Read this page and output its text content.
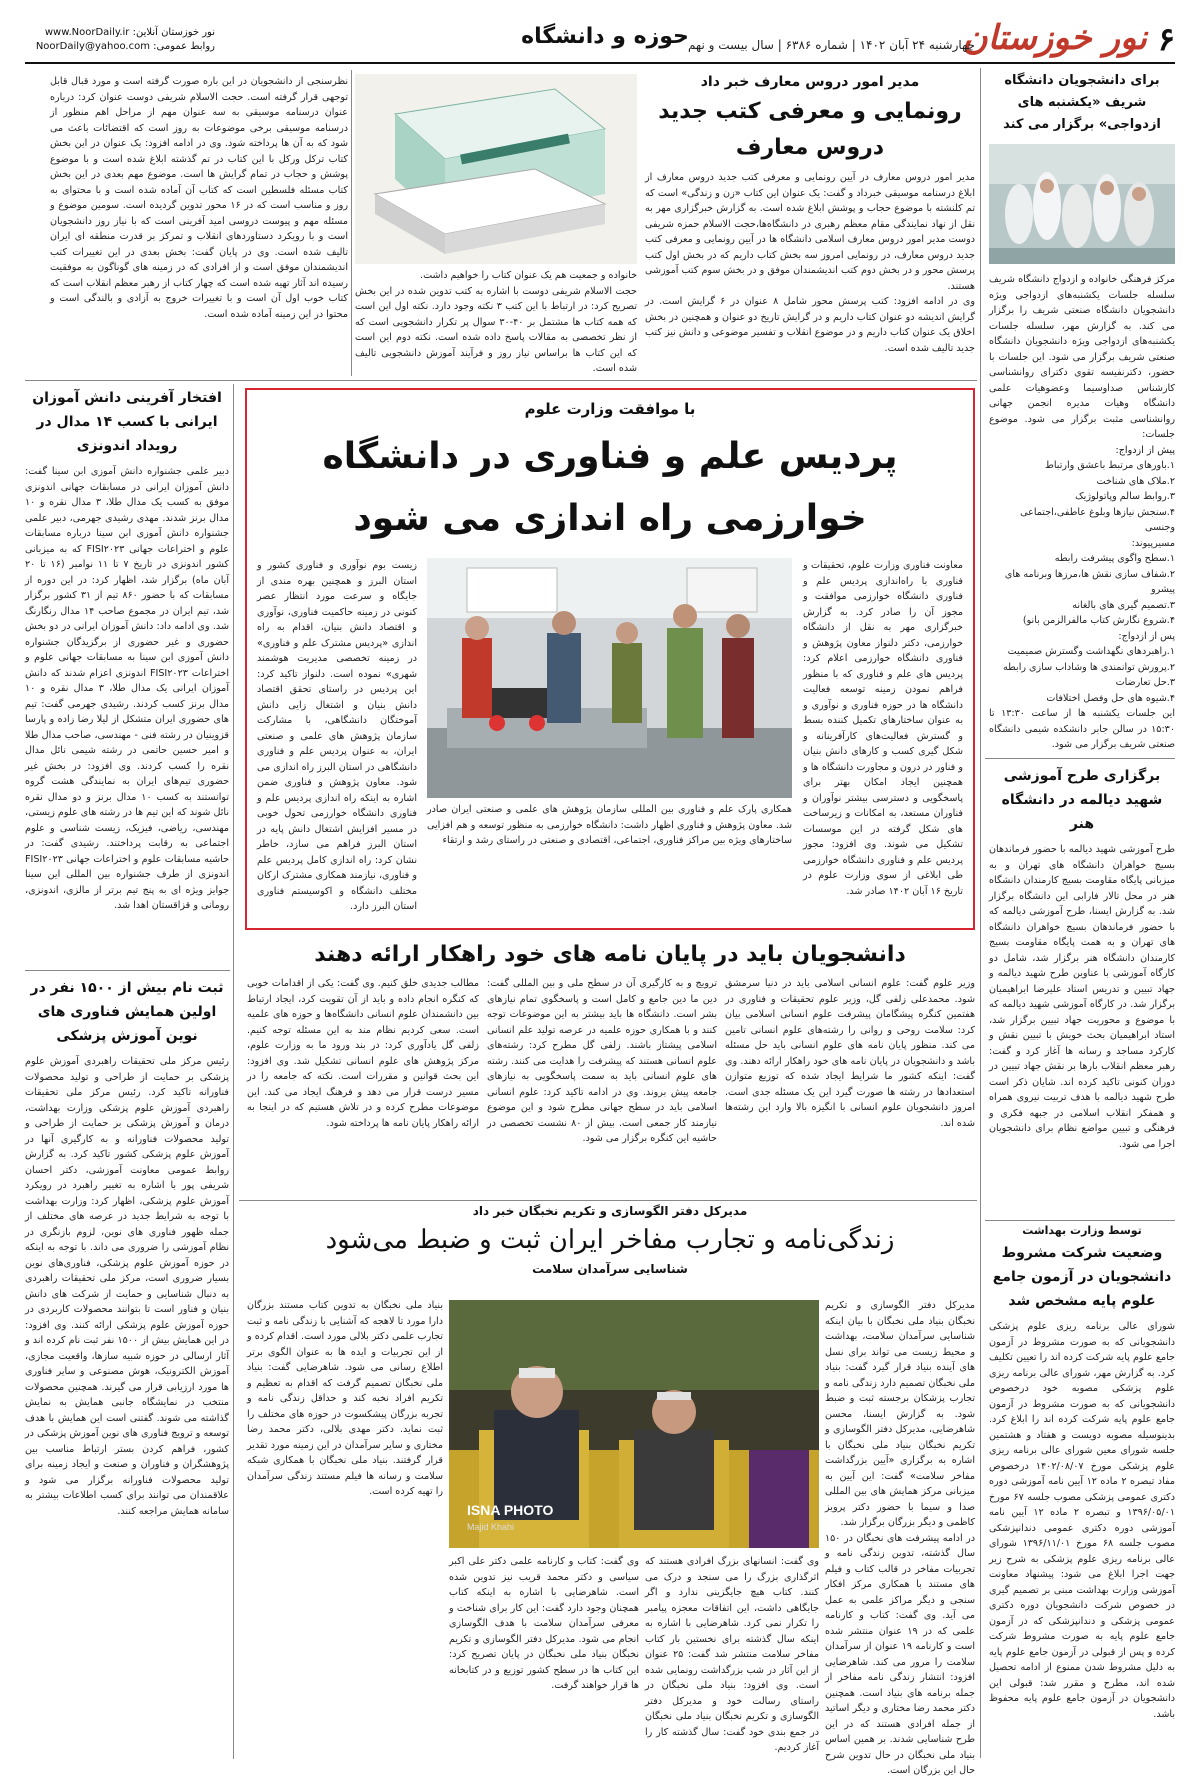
۶
نور خوزستان
چهارشنبه ۲۴ آبان ۱۴۰۲ | شماره ۶۳۸۶ | سال بیست و نهم
حوزه و دانشگاه
نور خوزستان آنلاین: www.NoorDaily.ir
روابط عمومی: NoorDaily@yahoo.com
برای دانشجویان دانشگاه شریف «یکشنبه های ازدواجی» برگزار می کند

مرکز فرهنگی خانواده و ازدواج دانشگاه شریف سلسله جلسات یکشنبه‌های ازدواجی ویژه دانشجویان دانشگاه صنعتی شریف را برگزار می کند. به گزارش مهر، سلسله جلسات یکشنبه‌های ازدواجی ویژه دانشجویان دانشگاه صنعتی شریف برگزار می شود. این جلسات با حضور، دکترنفیسه تقوی دکترای روانشناسی کارشناس صداوسیما وعضوهیات علمی دانشگاه وهیات مدیره انجمن جهانی روانشناسی مثبت برگزار می شود. موضوع جلسات:

پیش از ازدواج:
۱.باورهای مرتبط باعشق وارتباط
۲.ملاک های شناخت
۳.روابط سالم وپاتولوژیک
۴.سنجش نیازها وبلوغ عاطفی،اجتماعی وجنسی
مسیرپیوند:
۱.سطح واگوی پیشرفت رابطه
۲.شفاف سازی نقش ها،مرزها وبرنامه های پیشرو
۳.تصمیم گیری های بالغانه
۴.شروع نگارش کتاب مالفرالزمن بانو)
پس از ازدواج:
۱.راهبردهای نگهداشت وگسترش صمیمیت
۲.پرورش توانمندی ها وشاداب سازی رابطه
۳.حل تعارضات
۴.شیوه های حل وفصل اختلافات

این جلسات یکشنبه ها از ساعت ۱۳:۳۰ تا ۱۵:۳۰ در سالن جابر دانشکده شیمی دانشگاه صنعتی شریف برگزار می شود.

برگزاری طرح آموزشی شهید دیالمه در دانشگاه هنر

طرح آموزشی شهید دیالمه با حضور فرماندهان بسیج خواهران دانشگاه های تهران و به میزبانی پایگاه مقاومت بسیج کارمندان دانشگاه هنر در محل تالار فارابی این دانشگاه برگزار شد. به گزارش ایسنا، طرح آموزشی دیالمه که با حضور فرماندهان بسیج خواهران دانشگاه های تهران و به همت پایگاه مقاومت بسیج کارمندان دانشگاه هنر برگزار شد، شامل دو کارگاه آموزشی با عناوین طرح شهید دیالمه و جهاد تبیین و تدریس استاد علیرضا ابراهیمیان برگزار شد. در کارگاه آموزشی شهید دیالمه که با موضوع و محوریت جهاد تبیین برگزار شد، استاد ابراهیمیان بحث خویش با تبیین نقش و کارکرد مساجد و رسانه ها آغاز کرد و گفت: رهبر معظم انقلاب بارها بر نقش جهاد تبیین در دوران کنونی تاکید کرده اند. شایان ذکر است طرح شهید دیالمه با هدف تربیت نیروی همراه و همفکر انقلاب اسلامی در جبهه فکری و فرهنگی و تبیین مواضع نظام برای دانشجویان اجرا می شود.

توسط وزارت بهداشت
وضعیت شرکت مشروط دانشجویان در آزمون جامع علوم پایه مشخص شد

شورای عالی برنامه ریزی علوم پزشکی دانشجویانی که به صورت مشروط در آزمون جامع علوم پایه شرکت کرده اند را تعیین تکلیف کرد. به گزارش مهر، شورای عالی برنامه ریزی علوم پزشکی مصوبه خود درخصوص دانشجویانی که به صورت مشروط در آزمون جامع علوم پایه شرکت کرده اند را ابلاغ کرد. بدینوسیله مصوبه دویست و هفتاد و هشتمین جلسه شورای معین شورای عالی برنامه ریزی علوم پزشکی مورخ ۱۴۰۲/۰۸/۰۷ درخصوص مفاد تبصره ۲ ماده ۱۲ آیین نامه آموزشی دوره دکتری عمومی پزشکی مصوب جلسه ۶۷ مورخ ۱۳۹۶/۰۵/۰۱ و تبصره ۲ ماده ۱۲ آیین نامه آموزشی دوره دکتری عمومی دندانپزشکی مصوب جلسه ۶۸ مورخ ۱۳۹۶/۱۱/۰۱ شورای عالی برنامه ریزی علوم پزشکی به شرح زیر جهت اجرا ابلاغ می شود: پیشنهاد معاونت آموزشی وزارت بهداشت مبنی بر تصمیم گیری در خصوص شرکت دانشجویان دوره دکتری عمومی پزشکی و دندانپزشکی که در آزمون جامع علوم پایه به صورت مشروط شرکت کرده و پس از قبولی در آزمون جامع علوم پایه به دلیل مشروط شدن ممنوع از ادامه تحصیل شده اند، مطرح و مقرر شد: قبولی این دانشجویان در آزمون جامع علوم پایه محفوظ باشد.

مدیر امور دروس معارف خبر داد
رونمایی و معرفی کتب جدید دروس معارف

مدیر امور دروس معارف در آیین رونمایی و معرفی کتب جدید دروس معارف از ابلاغ درسنامه موسیقی خبرداد و گفت: یک عنوان این کتاب «زن و زندگی» است که تم کلنشته با موضوع حجاب و پوشش ابلاغ شده است. به گزارش خبرگزاری مهر به نقل از نهاد نمایندگی مقام معظم رهبری در دانشگاه‌ها،حجت الاسلام حمزه شریفی دوست مدیر امور دروس معارف اسلامی دانشگاه ها در آیین رونمایی و معرفی کتب جدید دروس معارف، در رونمایی امروز سه بخش کتاب داریم که در بخش اول کتب پرسش محور و در بخش دوم کتب اندیشمندان موفق و در بخش سوم کتب آموزشی هستند.

وی در ادامه افزود: کتب پرسش محور شامل ۸ عنوان در ۶ گرایش است. در گرایش اندیشه دو عنوان کتاب داریم و در گرایش تاریخ دو عنوان و همچنین در بخش اخلاق یک عنوان کتاب داریم و در موضوع انقلاب و تفسیر موضوعی و دانش نیز کتب جدید تالیف شده است.

خانواده و جمعیت هم یک عنوان کتاب را خواهیم داشت.

حجت الاسلام شریفی دوست با اشاره به کتب تدوین شده در این بخش تصریح کرد: در ارتباط با این کتب ۳ نکته وجود دارد. نکته اول این است که همه کتاب ها مشتمل بر ۴۰-۳۰ سوال پر تکرار دانشجویی است که از نظر تخصصی به مقالات پاسخ داده شده است. نکته دوم این است که این کتاب ها براساس نیاز روز و فرآیند آموزش دانشجویی تالیف شده است.

نظرسنجی از دانشجویان در این باره صورت گرفته است و مورد قبال قابل توجهی قرار گرفته است. حجت الاسلام شریفی دوست عنوان کرد: درباره عنوان درسنامه موسیقی به سه عنوان مهم از مراحل اهم منظور از درسنامه موسیقی برخی موضوعات به روز است که اقتضائات باعث می شود که به آن ها پرداخته شود. وی در ادامه افزود: یک عنوان در این بخش کتاب ترکل ورکل با این کتاب در تم گذشته ابلاغ شده است و با موضوع پوشش و حجاب در تمام گرایش ها است. موضوع مهم بعدی در این بخش کتاب مسئله فلسطین است که کتاب آن آماده شده است و با محتوای به روز و مناسب است که در ۱۶ محور تدوین گردیده است. سومین موضوع و مسئله مهم و پیوست دروسی امید آفرینی است که با نیاز روز دانشجویان است و با رویکرد دستاوردهای انقلاب و تمرکز بر قدرت منطقه ای ایران تالیف شده است. وی در پایان گفت: بخش بعدی در این تغییرات کتب اندیشمندان موفق است و از افرادی که در زمینه های گوناگون به موفقیت رسیده اند آثار تهیه شده است که چهار کتاب از رهبر معظم انقلاب است که کتاب خوب اول آن است و با تغییرات خروج به آزادی و بالندگی است و محتوا در این زمینه آماده شده است.

افتخار آفرینی دانش آموزان ایرانی با کسب ۱۴ مدال در رویداد اندونزی

دبیر علمی جشنواره دانش آموزی ابن سینا گفت: دانش آموزان ایرانی در مسابقات جهانی اندونزی موفق به کسب یک مدال طلا، ۳ مدال نقره و ۱۰ مدال برنز شدند. مهدی رشیدی جهرمی، دبیر علمی جشنواره دانش آموزی ابن سینا درباره مسابقات علوم و اختراعات جهانی FISI۲۰۲۳ که به میزبانی کشور اندونزی در تاریخ ۷ تا ۱۱ نوامبر (۱۶ تا ۲۰ آبان ماه) برگزار شد، اظهار کرد: در این دوره از مسابقات که با حضور ۸۶۰ تیم از ۳۱ کشور برگزار شد، تیم ایران در مجموع صاحب ۱۴ مدال رنگارنگ شد. وی ادامه داد: دانش آموزان ایرانی در دو بخش حضوری و غیر حضوری از برگزیدگان جشنواره دانش آموزی ابن سینا به مسابقات جهانی علوم و اختراعات FISI۲۰۲۳ اندونزی اعزام شدند که دانش آموزان ایرانی یک مدال طلا، ۳ مدال نقره و ۱۰ مدال برنز کسب کردند. رشیدی جهرمی گفت: تیم های حضوری ایران متشکل از لیلا رضا زاده و پارسا قزوینیان در رشته فنی - مهندسی، صاحب مدال طلا و امیر حسین حاتمی در رشته شیمی نائل مدال نقره را کسب کردند. وی افزود: در بخش غیر حضوری تیم‌های ایران به نمایندگی هشت گروه توانستند به کسب ۱۰ مدال برنز و دو مدال نقره نائل شوند که این تیم ها در رشته های علوم زیستی، مهندسی، ریاضی، فیزیک، زیست شناسی و علوم اجتماعی به رقابت پرداختند. رشیدی گفت: در حاشیه مسابقات علوم و اختراعات جهانی FISI۲۰۲۳ اندونزی از طرف جشنواره بین المللی این سینا جوایز ویژه ای به پنج تیم برتر از مالزی، اندونزی، رومانی و قزاقستان اهدا شد.

ثبت نام بیش از ۱۵۰۰ نفر در اولین همایش فناوری های نوین آموزش پزشکی

رئیس مرکز ملی تحقیقات راهبردی آموزش علوم پزشکی بر حمایت از طراحی و تولید محصولات فناورانه تاکید کرد. رئیس مرکز ملی تحقیقات راهبردی آموزش علوم پزشکی وزارت بهداشت، درمان و آموزش پزشکی بر حمایت از طراحی و تولید محصولات فناورانه و به کارگیری آنها در آموزش علوم پزشکی کشور تاکید کرد. به گزارش روابط عمومی معاونت آموزشی، دکتر احسان شریفی پور با اشاره به تغییر راهبرد در رویکرد آموزش علوم پزشکی، اظهار کرد: وزارت بهداشت با توجه به شرایط جدید در عرصه های مختلف از جمله ظهور فناوری های نوین، لزوم بازنگری در نظام آموزشی را ضروری می داند. با توجه به اینکه در حوزه آموزش علوم پزشکی، فناوری‌های نوین بسیار ضروری است، مرکز ملی تحقیقات راهبردی به دنبال شناسایی و حمایت از شرکت های دانش بنیان و فناور است تا بتوانند محصولات کاربردی در حوزه آموزش علوم پزشکی ارائه کنند. وی افزود: در این همایش بیش از ۱۵۰۰ نفر ثبت نام کرده اند و آثار ارسالی در حوزه شبیه سازها، واقعیت مجازی، آموزش الکترونیک، هوش مصنوعی و سایر فناوری ها مورد ارزیابی قرار می گیرند. همچنین محصولات منتخب در نمایشگاه جانبی همایش به نمایش گذاشته می شوند. گفتنی است این همایش با هدف توسعه و ترویج فناوری های نوین آموزش پزشکی در کشور، فراهم کردن بستر ارتباط مناسب بین پژوهشگران و فناوران و صنعت و ایجاد زمینه برای تولید محصولات فناورانه برگزار می شود و علاقمندان می توانند برای کسب اطلاعات بیشتر به سامانه همایش مراجعه کنند.

با موافقت وزارت علوم
پردیس علم و فناوری در دانشگاه خوارزمی راه اندازی می شود

معاونت فناوری وزارت علوم، تحقیقات و فناوری با راه‌اندازی پردیس علم و فناوری دانشگاه خوارزمی موافقت و مجوز آن را صادر کرد. به گزارش خبرگزاری مهر به نقل از دانشگاه خوارزمی، دکتر دلنواز معاون پژوهش و فناوری دانشگاه خوارزمی اعلام کرد: پردیس های علم و فناوری که با منظور فراهم نمودن زمینه توسعه فعالیت دانشگاه ها در حوزه فناوری و نوآوری و به عنوان ساختارهای تکمیل کننده بسط و گسترش فعالیت‌های کارآفرینانه و شکل گیری کسب و کارهای دانش بنیان و فناور در درون و مجاورت دانشگاه ها و همچنین ایجاد امکان بهتر برای پاسخگویی و دسترسی بیشتر نوآوران و فناوران مستعد، به امکانات و زیرساخت های شکل گرفته در این موسسات تشکیل می شوند. وی افزود: مجوز پردیس علم و فناوری دانشگاه خوارزمی طی ابلاغی از سوی وزارت علوم در تاریخ ۱۶ آبان ۱۴۰۲ صادر شد.

همکاری پارک علم و فناوری بین المللی سازمان پژوهش های علمی و صنعتی ایران صادر شد. معاون پژوهش و فناوری اظهار داشت: دانشگاه خوارزمی به منظور توسعه و هم افزایی ساختارهای ویژه بین مراکز فناوری، اجتماعی، اقتصادی و صنعتی در راستای رشد و ارتقاء

زیست بوم نوآوری و فناوری کشور و استان البرز و همچنین بهره مندی از جایگاه و سرعت مورد انتظار عصر کنونی در زمینه حاکمیت فناوری، نوآوری و اقتصاد دانش بنیان، اقدام به راه اندازی «پردیس مشترک علم و فناوری» در زمینه تخصصی مدیریت هوشمند شهری» نموده است. دلنواز تاکید کرد: این پردیس در راستای تحقق اقتصاد دانش بنیان و اشتغال زایی دانش آموختگان دانشگاهی، با مشارکت سازمان پژوهش های علمی و صنعتی ایران، به عنوان پردیس علم و فناوری دانشگاهی در استان البرز راه اندازی می شود. معاون پژوهش و فناوری ضمن اشاره به اینکه راه اندازی پردیس علم و فناوری دانشگاه خوارزمی تحول خوبی در مسیر افزایش اشتغال دانش پایه در استان البرز فراهم می سازد، خاطر نشان کرد: راه اندازی کامل پردیس علم و فناوری، نیازمند همکاری مشترک ارکان مختلف دانشگاه و اکوسیستم فناوری استان البرز دارد.

دانشجویان باید در پایان نامه های خود راهکار ارائه دهند

وزیر علوم گفت: علوم انسانی اسلامی باید در دنیا سرمشق شود. محمدعلی زلفی گل، وزیر علوم تحقیقات و فناوری در هفتمین کنگره پیشگامان پیشرفت علوم انسانی اسلامی بیان کرد: سلامت روحی و روانی را رشته‌های علوم انسانی تامین می کند. منظور پایان نامه های علوم انسانی باید حل مسئله باشد و دانشجویان در پایان نامه های خود راهکار ارائه دهند. وی گفت: اینکه کشور ما شرایط ایجاد شده که توزیع متوازن استعدادها در رشته ها صورت گیرد این یک مسئله جدی است. امروز دانشجویان علوم انسانی با انگیزه بالا وارد این رشته‌ها شده اند.

ترویج و به کارگیری آن در سطح ملی و بین المللی گفت: دین ما دین جامع و کامل است و پاسخگوی تمام نیازهای بشر است. دانشگاه ها باید بیشتر به این موضوعات توجه کنند و با همکاری حوزه علمیه در عرصه تولید علم انسانی اسلامی پیشتاز باشند. زلفی گل مطرح کرد: رشته‌های علوم انسانی هستند که پیشرفت را هدایت می کنند. رشته های علوم انسانی باید به سمت پاسخگویی به نیازهای جامعه پیش بروند. وی در ادامه تاکید کرد: علوم انسانی اسلامی باید در سطح جهانی مطرح شود و این موضوع نیازمند کار جمعی است. بیش از ۸۰ نشست تخصصی در حاشیه این کنگره برگزار می شود.

مطالب جدیدی خلق کنیم. وی گفت: یکی از اقدامات خوبی که کنگره انجام داده و باید از آن تقویت کرد، ایجاد ارتباط بین دانشمندان علوم انسانی دانشگاه‌ها و حوزه های علمیه است. سعی کردیم نظام مند به این مسئله توجه کنیم. زلفی گل یادآوری کرد: در بند ورود ما به وزارت علوم، مرکز پژوهش های علوم انسانی تشکیل شد. وی افزود: این بحث قوانین و مقررات است. نکته که جامعه را در مسیر درست قرار می دهد و فرهنگ ایجاد می کند. این موضوعات مطرح کرده و در تلاش هستیم که در اینجا به ارائه راهکار پایان نامه ها پرداخته شود.

مدیرکل دفتر الگوسازی و تکریم نخبگان خبر داد
زندگی‌نامه و تجارب مفاخر ایران ثبت و ضبط می‌شود
شناسایی سرآمدان سلامت

مدیرکل دفتر الگوسازی و تکریم نخبگان بنیاد ملی نخبگان با بیان اینکه شناسایی سرآمدان سلامت، بهداشت و محیط زیست می تواند برای نسل های آینده بنیاد قرار گیرد گفت: بنیاد ملی نخبگان تصمیم دارد زندگی نامه و تجارب پزشکان برجسته ثبت و ضبط شود. به گزارش ایسنا، محسن شاهرضایی، مدیرکل دفتر الگوسازی و تکریم نخبگان بنیاد ملی نخبگان با اشاره به برگزاری «آیین بزرگداشت مفاخر سلامت» گفت: این آیین به میزبانی مرکز همایش های بین المللی صدا و سیما با حضور دکتر پرویز کاظمی و دیگر بزرگان برگزار شد.

در ادامه پیشرفت های نخبگان در ۱۵۰ سال گذشته، تدوین زندگی نامه و تجربیات مفاخر در قالب کتاب و فیلم های مستند با همکاری مرکز افکار سنجی و دیگر مراکز علمی به عمل می آید. وی گفت: کتاب و کارنامه علمی که در ۱۹ عنوان منتشر شده است و کارنامه ۱۹ عنوان از سرآمدان سلامت را مرور می کند. شاهرضایی افزود: انتشار زندگی نامه مفاخر از جمله برنامه های بنیاد است. همچنین دکتر محمد رضا مختاری و دیگر اساتید از جمله افرادی هستند که در این طرح شناسایی شدند. بر همین اساس بنیاد ملی نخبگان در حال تدوین شرح حال این بزرگان است.

ISNA PHOTO
Majid Khahi

بنیاد ملی نخبگان به تدوین کتاب مستند بزرگان دارا مورد تا لاهجه که آشنایی با زندگی نامه و ثبت تجارب علمی دکتر بلالی مورد است. اقدام کرده و از این تجربیات و ایده ها به عنوان الگوی برتر اطلاع رسانی می شود. شاهرضایی گفت: بنیاد ملی نخبگان تصمیم گرفت که اقدام به تعظیم و تکریم افراد نخبه کند و حداقل زندگی نامه و تجربه بزرگان پیشکسوت در حوزه های مختلف را ثبت نماید. دکتر مهدی بلالی، دکتر محمد رضا مختاری و سایر سرآمدان در این زمینه مورد تقدیر قرار گرفتند. بنیاد ملی نخبگان با همکاری شبکه سلامت و رسانه ها فیلم مستند زندگی سرآمدان را تهیه کرده است.

وی گفت: انسانهای بزرگ افرادی هستند که اثرگذاری بزرگ را می سنجد و درک می کنند. کتاب هیچ جایگزینی ندارد و اگر جایگاهی داشت، این اتفاقات معجزه پیامبر را تکرار نمی کرد. شاهرضایی با اشاره به اینکه سال گذشته برای نخستین بار کتاب مفاخر سلامت منتشر شد گفت: ۲۵ عنوان از این آثار در شب بزرگداشت رونمایی شده است. وی افزود: بنیاد ملی نخبگان در راستای رسالت خود و مدیرکل دفتر الگوسازی و تکریم نخبگان بنیاد ملی نخبگان در جمع بندی خود گفت: سال گذشته کار را آغاز کردیم.

وی گفت: کتاب و کارنامه علمی دکتر علی اکبر سیاسی و دکتر محمد قریب نیز تدوین شده است. شاهرضایی با اشاره به اینکه کتاب همچنان وجود دارد گفت: این کار برای شناخت و معرفی سرآمدان سلامت با هدف الگوسازی انجام می شود. مدیرکل دفتر الگوسازی و تکریم نخبگان بنیاد ملی نخبگان در پایان تصریح کرد: این کتاب ها در سطح کشور توزیع و در کتابخانه ها قرار خواهند گرفت.
